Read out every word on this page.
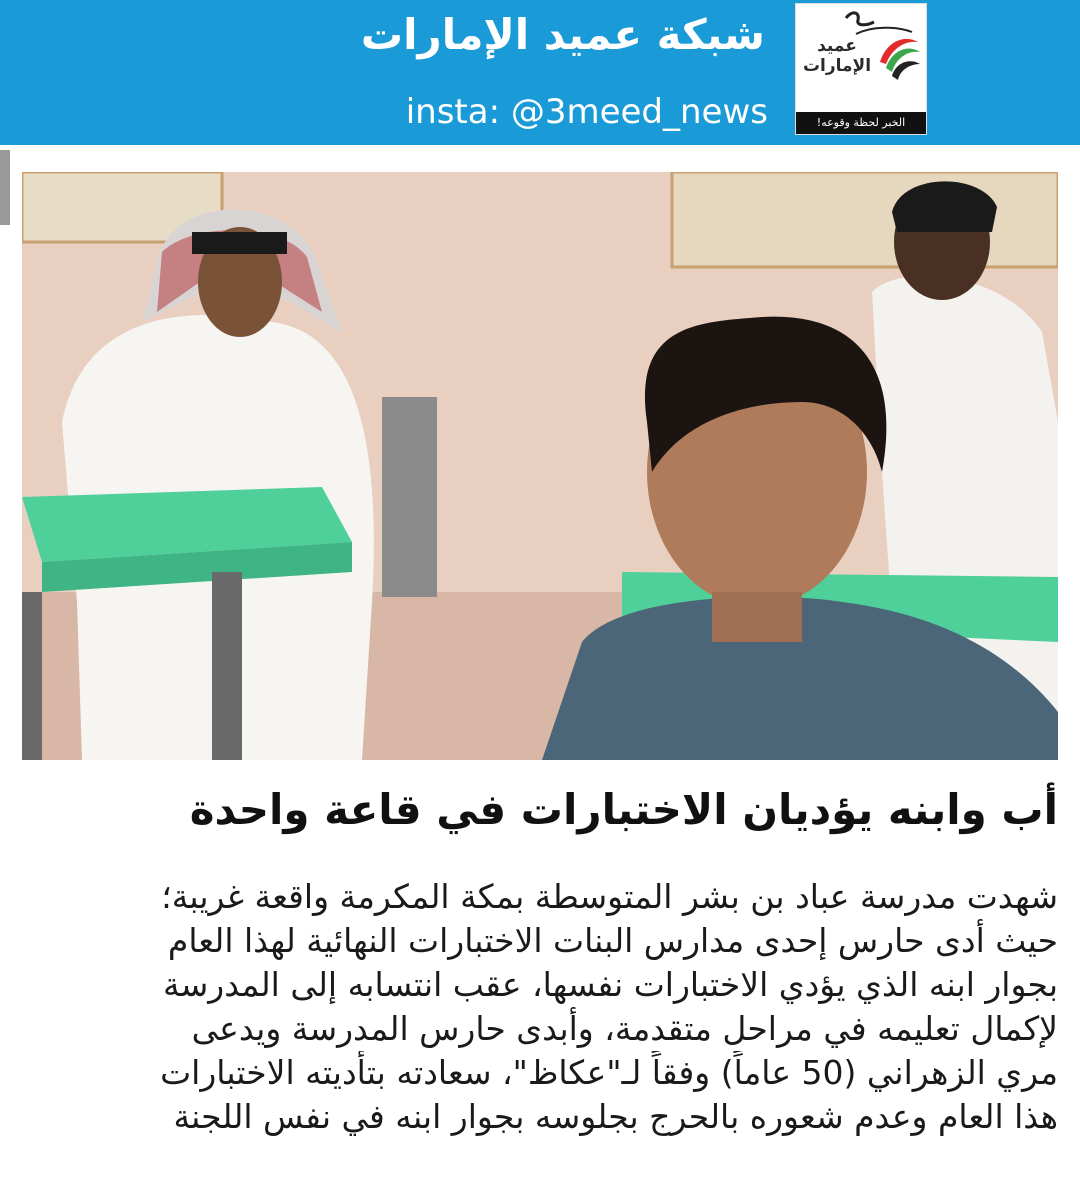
شبكة عميد الإمارات
insta: @3meed_news
عميد الإمارات
الخبر لحظة وقوعه!
أب وابنه يؤديان الاختبارات في قاعة واحدة
شهدت مدرسة عباد بن بشر المتوسطة بمكة المكرمة واقعة غريبة؛
حيث أدى حارس إحدى مدارس البنات الاختبارات النهائية لهذا العام
بجوار ابنه الذي يؤدي الاختبارات نفسها، عقب انتسابه إلى المدرسة
لإكمال تعليمه في مراحل متقدمة، وأبدى حارس المدرسة ويدعى
مري الزهراني (50 عاماً) وفقاً لـ"عكاظ"، سعادته بتأديته الاختبارات
هذا العام وعدم شعوره بالحرج بجلوسه بجوار ابنه في نفس اللجنة
